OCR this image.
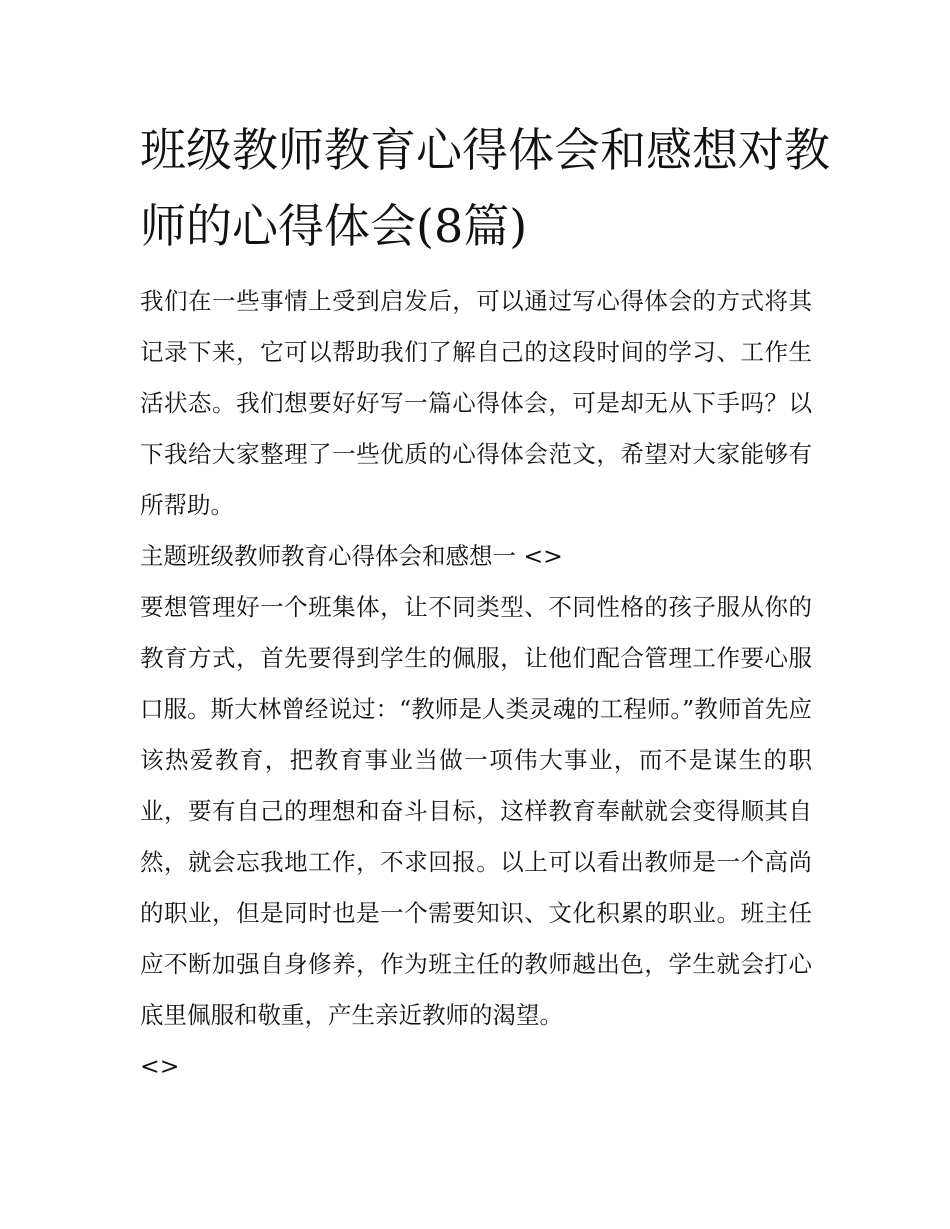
班级教师教育心得体会和感想对教师的心得体会(8篇)

我们在一些事情上受到启发后，可以通过写心得体会的方式将其记录下来，它可以帮助我们了解自己的这段时间的学习、工作生活状态。我们想要好好写一篇心得体会，可是却无从下手吗？以下我给大家整理了一些优质的心得体会范文，希望对大家能够有所帮助。

主题班级教师教育心得体会和感想一 <>

要想管理好一个班集体，让不同类型、不同性格的孩子服从你的教育方式，首先要得到学生的佩服，让他们配合管理工作要心服口服。斯大林曾经说过：“教师是人类灵魂的工程师。”教师首先应该热爱教育，把教育事业当做一项伟大事业，而不是谋生的职业，要有自己的理想和奋斗目标，这样教育奉献就会变得顺其自然，就会忘我地工作，不求回报。以上可以看出教师是一个高尚的职业，但是同时也是一个需要知识、文化积累的职业。班主任应不断加强自身修养，作为班主任的教师越出色，学生就会打心底里佩服和敬重，产生亲近教师的渴望。

<>
